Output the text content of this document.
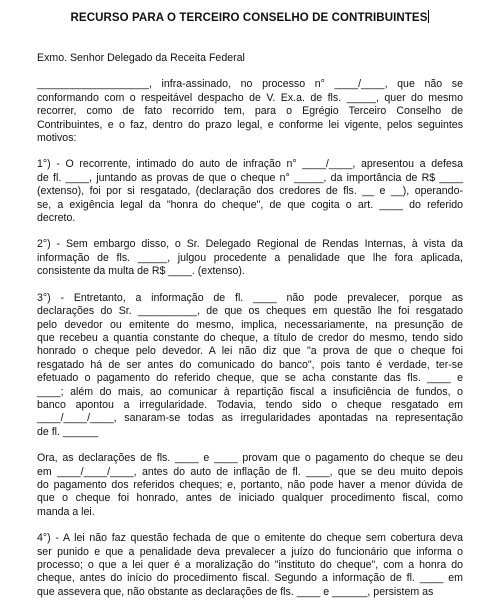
RECURSO PARA O TERCEIRO CONSELHO DE CONTRIBUINTES
Exmo. Senhor Delegado da Receita Federal
___________________, infra-assinado, no processo n° ____/____, que não se
conformando com o respeitável despacho de V. Ex.a. de fls. _____, quer do mesmo
recorrer, como de fato recorrido tem, para o Egrégio Terceiro Conselho de
Contribuintes, e o faz, dentro do prazo legal, e conforme lei vigente, pelos seguintes
motivos:
1°) - O recorrente, intimado do auto de infração n° ____/____, apresentou a defesa
de fl. ____, juntando as provas de que o cheque n° _____, da importância de R$ ____
(extenso), foi por si resgatado, (declaração dos credores de fls. __ e __), operando-
se, a exigência legal da "honra do cheque", de que cogita o art. ____ do referido
decreto.
2°) - Sem embargo disso, o Sr. Delegado Regional de Rendas Internas, à vista da
informação de fls. _____, julgou procedente a penalidade que lhe fora aplicada,
consistente da multa de R$ ____. (extenso).
3°) - Entretanto, a informação de fl. ____ não pode prevalecer, porque as
declarações do Sr. __________, de que os cheques em questão lhe foi resgatado
pelo devedor ou emitente do mesmo, implica, necessariamente, na presunção de
que recebeu a quantia constante do cheque, a título de credor do mesmo, tendo sido
honrado o cheque pelo devedor. A lei não diz que "a prova de que o cheque foi
resgatado há de ser antes do comunicado do banco", pois tanto é verdade, ter-se
efetuado o pagamento do referido cheque, que se acha constante das fls. ____ e
____; além do mais, ao comunicar à repartição fiscal a insuficiência de fundos, o
banco apontou a irregularidade. Todavia, tendo sido o cheque resgatado em
____/____/____, sanaram-se todas as irregularidades apontadas na representação
de fl. ______
Ora, as declarações de fls. ____ e ____ provam que o pagamento do cheque se deu
em ____/____/____, antes do auto de inflação de fl. ____, que se deu muito depois
do pagamento dos referidos cheques; e, portanto, não pode haver a menor dúvida de
que o cheque foi honrado, antes de iniciado qualquer procedimento fiscal, como
manda a lei.
4°) - A lei não faz questão fechada de que o emitente do cheque sem cobertura deva
ser punido e que a penalidade deva prevalecer a juízo do funcionário que informa o
processo; o que a lei quer é a moralização do "instituto do cheque", com a honra do
cheque, antes do início do procedimento fiscal. Segundo a informação de fl. ____ em
que assevera que, não obstante as declarações de fls. ____ e ______, persistem as
